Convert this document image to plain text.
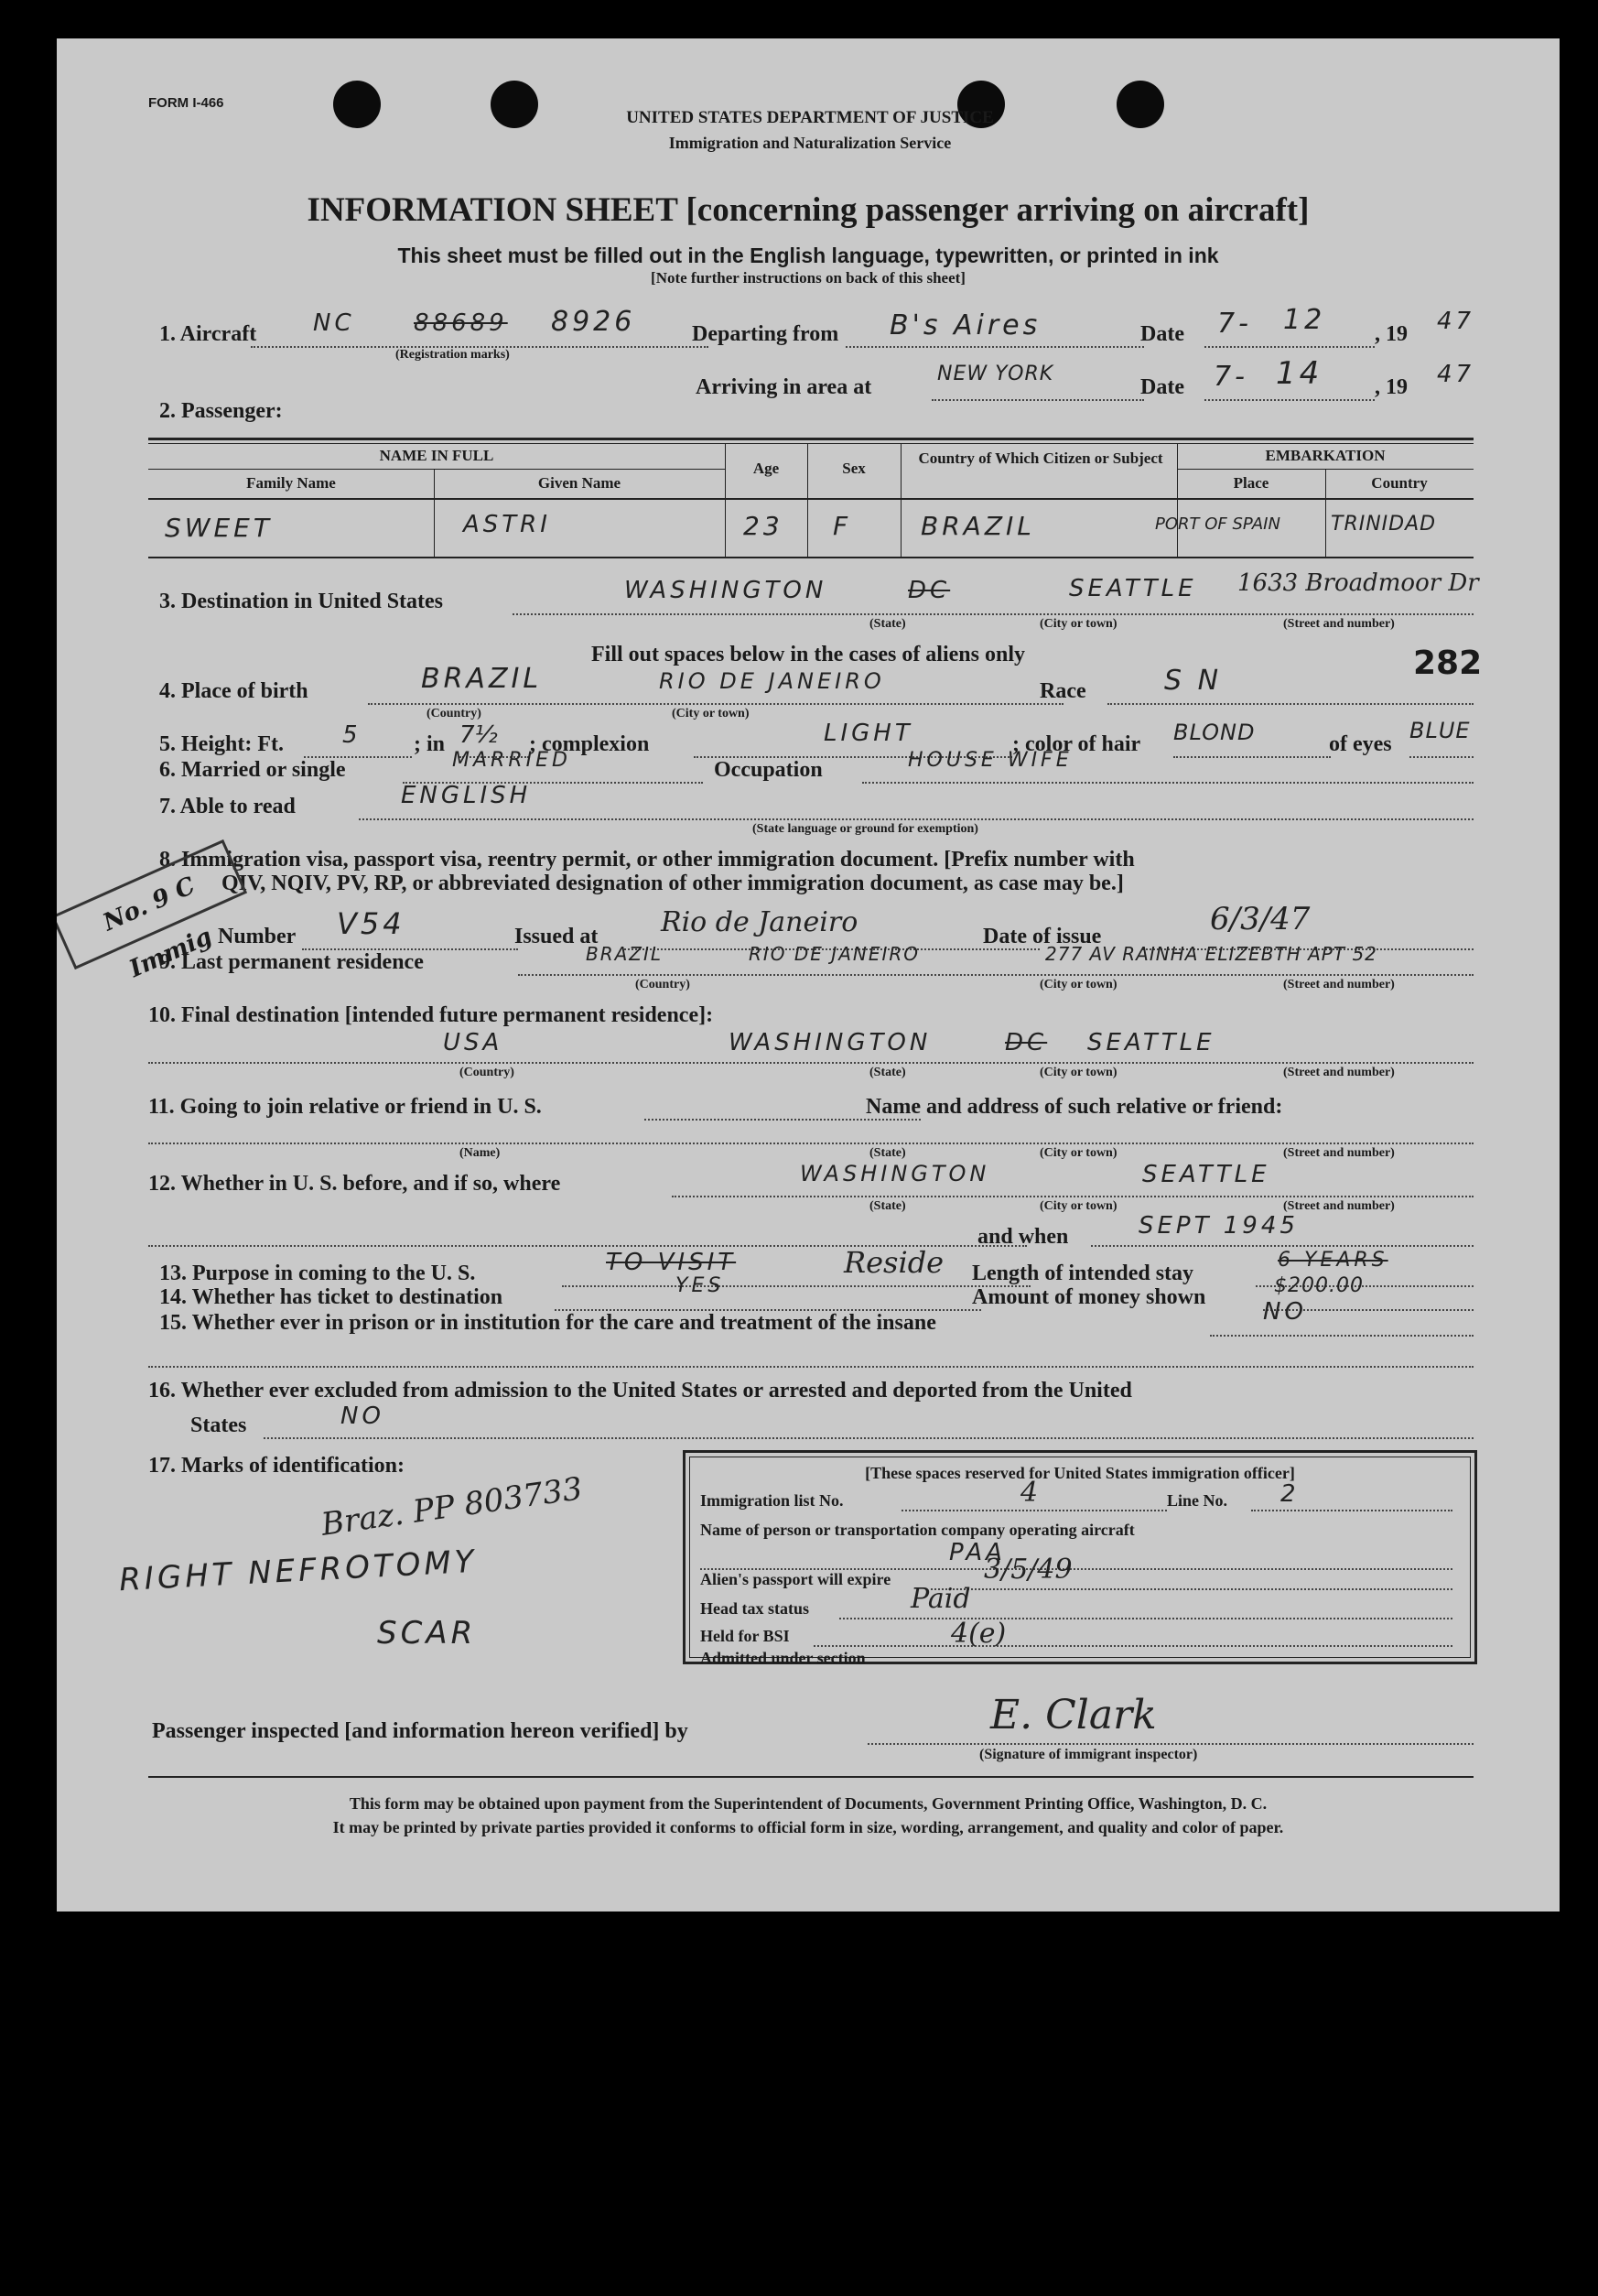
FORM I-466
UNITED STATES DEPARTMENT OF JUSTICE
Immigration and Naturalization Service
INFORMATION SHEET [concerning passenger arriving on aircraft]
This sheet must be filled out in the English language, typewritten, or printed in ink
[Note further instructions on back of this sheet]
1. Aircraft NC 88689 8926
(Registration marks)
Departing from B's Aires	Date 7- 12 , 19 47
Arriving in area at
NEW YORK
Date 7- 14 , 19 47
2. Passenger:
NAME IN FULL
Family Name	Given Name
Age	Sex
Country of Which Citizen or Subject	EMBARKATION
Place	Country
SWEET	ASTRI	23 F	BRAZIL	PORT OF SPAIN	TRINIDAD
3. Destination in United States	WASHINGTON	DC	SEATTLE 1633 Broadmoor Dr
(State)	(City or town)	(Street and number)
Fill out spaces below in the cases of aliens only	282
4. Place of birth	BRAZIL	RIO DE JANEIRO
(Country)	(City or town)
Race	S N
5. Height: Ft. 5 ; in 7½ ; complexion	LIGHT	; color of hair BLOND	of eyes
BLUE
6. Married or single	MARRIED	Occupation	HOUSE WIFE
7. Able to read	ENGLISH
(State language or ground for exemption)
8. Immigration visa, passport visa, reentry permit, or other immigration document. [Prefix number with
QIV, NQIV, PV, RP, or abbreviated designation of other immigration document, as case may be.]
No. 9 C Immig Number V54	Issued at Rio de Janeiro	Date of issue	6/3/47
9. Last permanent residence	BRAZIL	RIO DE JANEIRO	277 AV RAINHA ELIZEBTH APT 52
(Country)	(City or town)	(Street and number)
10. Final destination [intended future permanent residence]:
USA	WASHINGTON	DC SEATTLE
(Country)	(State)	(City or town)	(Street and number)
11. Going to join relative or friend in U. S.	Name and address of such relative or friend:
(Name)	(State)	(City or town)	(Street and number)
12. Whether in U. S. before, and if so, where	WASHINGTON	SEATTLE
(State)	(City or town)	(Street and number)
and when	SEPT 1945
13. Purpose in coming to the U. S.	TO VISIT	Reside Length of intended stay
6 YEARS
14. Whether has ticket to destination	YES	Amount of money shown	$200.00
15. Whether ever in prison or in institution for the care and treatment of the insane	NO
16. Whether ever excluded from admission to the United States or arrested and deported from the United
States	NO
17. Marks of identification:
Braz. PP 803733
RIGHT NEFROTOMY
SCAR
[These spaces reserved for United States immigration officer]
Immigration list No.	4	Line No. 2
Name of person or transportation company operating aircraft
PAA
Alien's passport will expire	3/5/49
Head tax status	Paid
Held for BSI
Admitted under section
4(e)
Passenger inspected [and information hereon verified] by	E. Clark
(Signature of immigrant inspector)
This form may be obtained upon payment from the Superintendent of Documents, Government Printing Office, Washington, D. C.
It may be printed by private parties provided it conforms to official form in size, wording, arrangement, and quality and color of paper.
